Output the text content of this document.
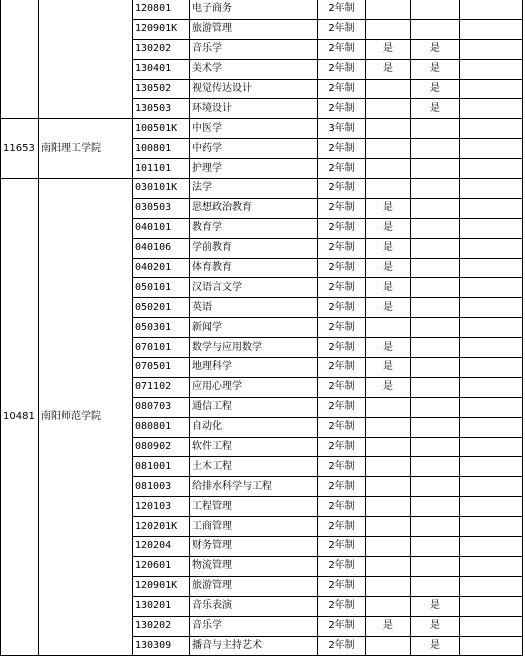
		120801	电子商务	2年制			
		120901K	旅游管理	2年制			
		130202	音乐学	2年制	是	是	
		130401	美术学	2年制	是	是	
		130502	视觉传达设计	2年制		是	
		130503	环境设计	2年制		是	
11653	南阳理工学院	100501K	中医学	3年制			
		100801	中药学	2年制			
		101101	护理学	2年制			
10481	南阳师范学院	030101K	法学	2年制			
		030503	思想政治教育	2年制	是		
		040101	教育学	2年制	是		
		040106	学前教育	2年制	是		
		040201	体育教育	2年制	是		
		050101	汉语言文学	2年制	是		
		050201	英语	2年制	是		
		050301	新闻学	2年制			
		070101	数学与应用数学	2年制	是		
		070501	地理科学	2年制	是		
		071102	应用心理学	2年制	是		
		080703	通信工程	2年制			
		080801	自动化	2年制			
		080902	软件工程	2年制			
		081001	土木工程	2年制			
		081003	给排水科学与工程	2年制			
		120103	工程管理	2年制			
		120201K	工商管理	2年制			
		120204	财务管理	2年制			
		120601	物流管理	2年制			
		120901K	旅游管理	2年制			
		130201	音乐表演	2年制		是	
		130202	音乐学	2年制	是	是	
		130309	播音与主持艺术	2年制		是	
